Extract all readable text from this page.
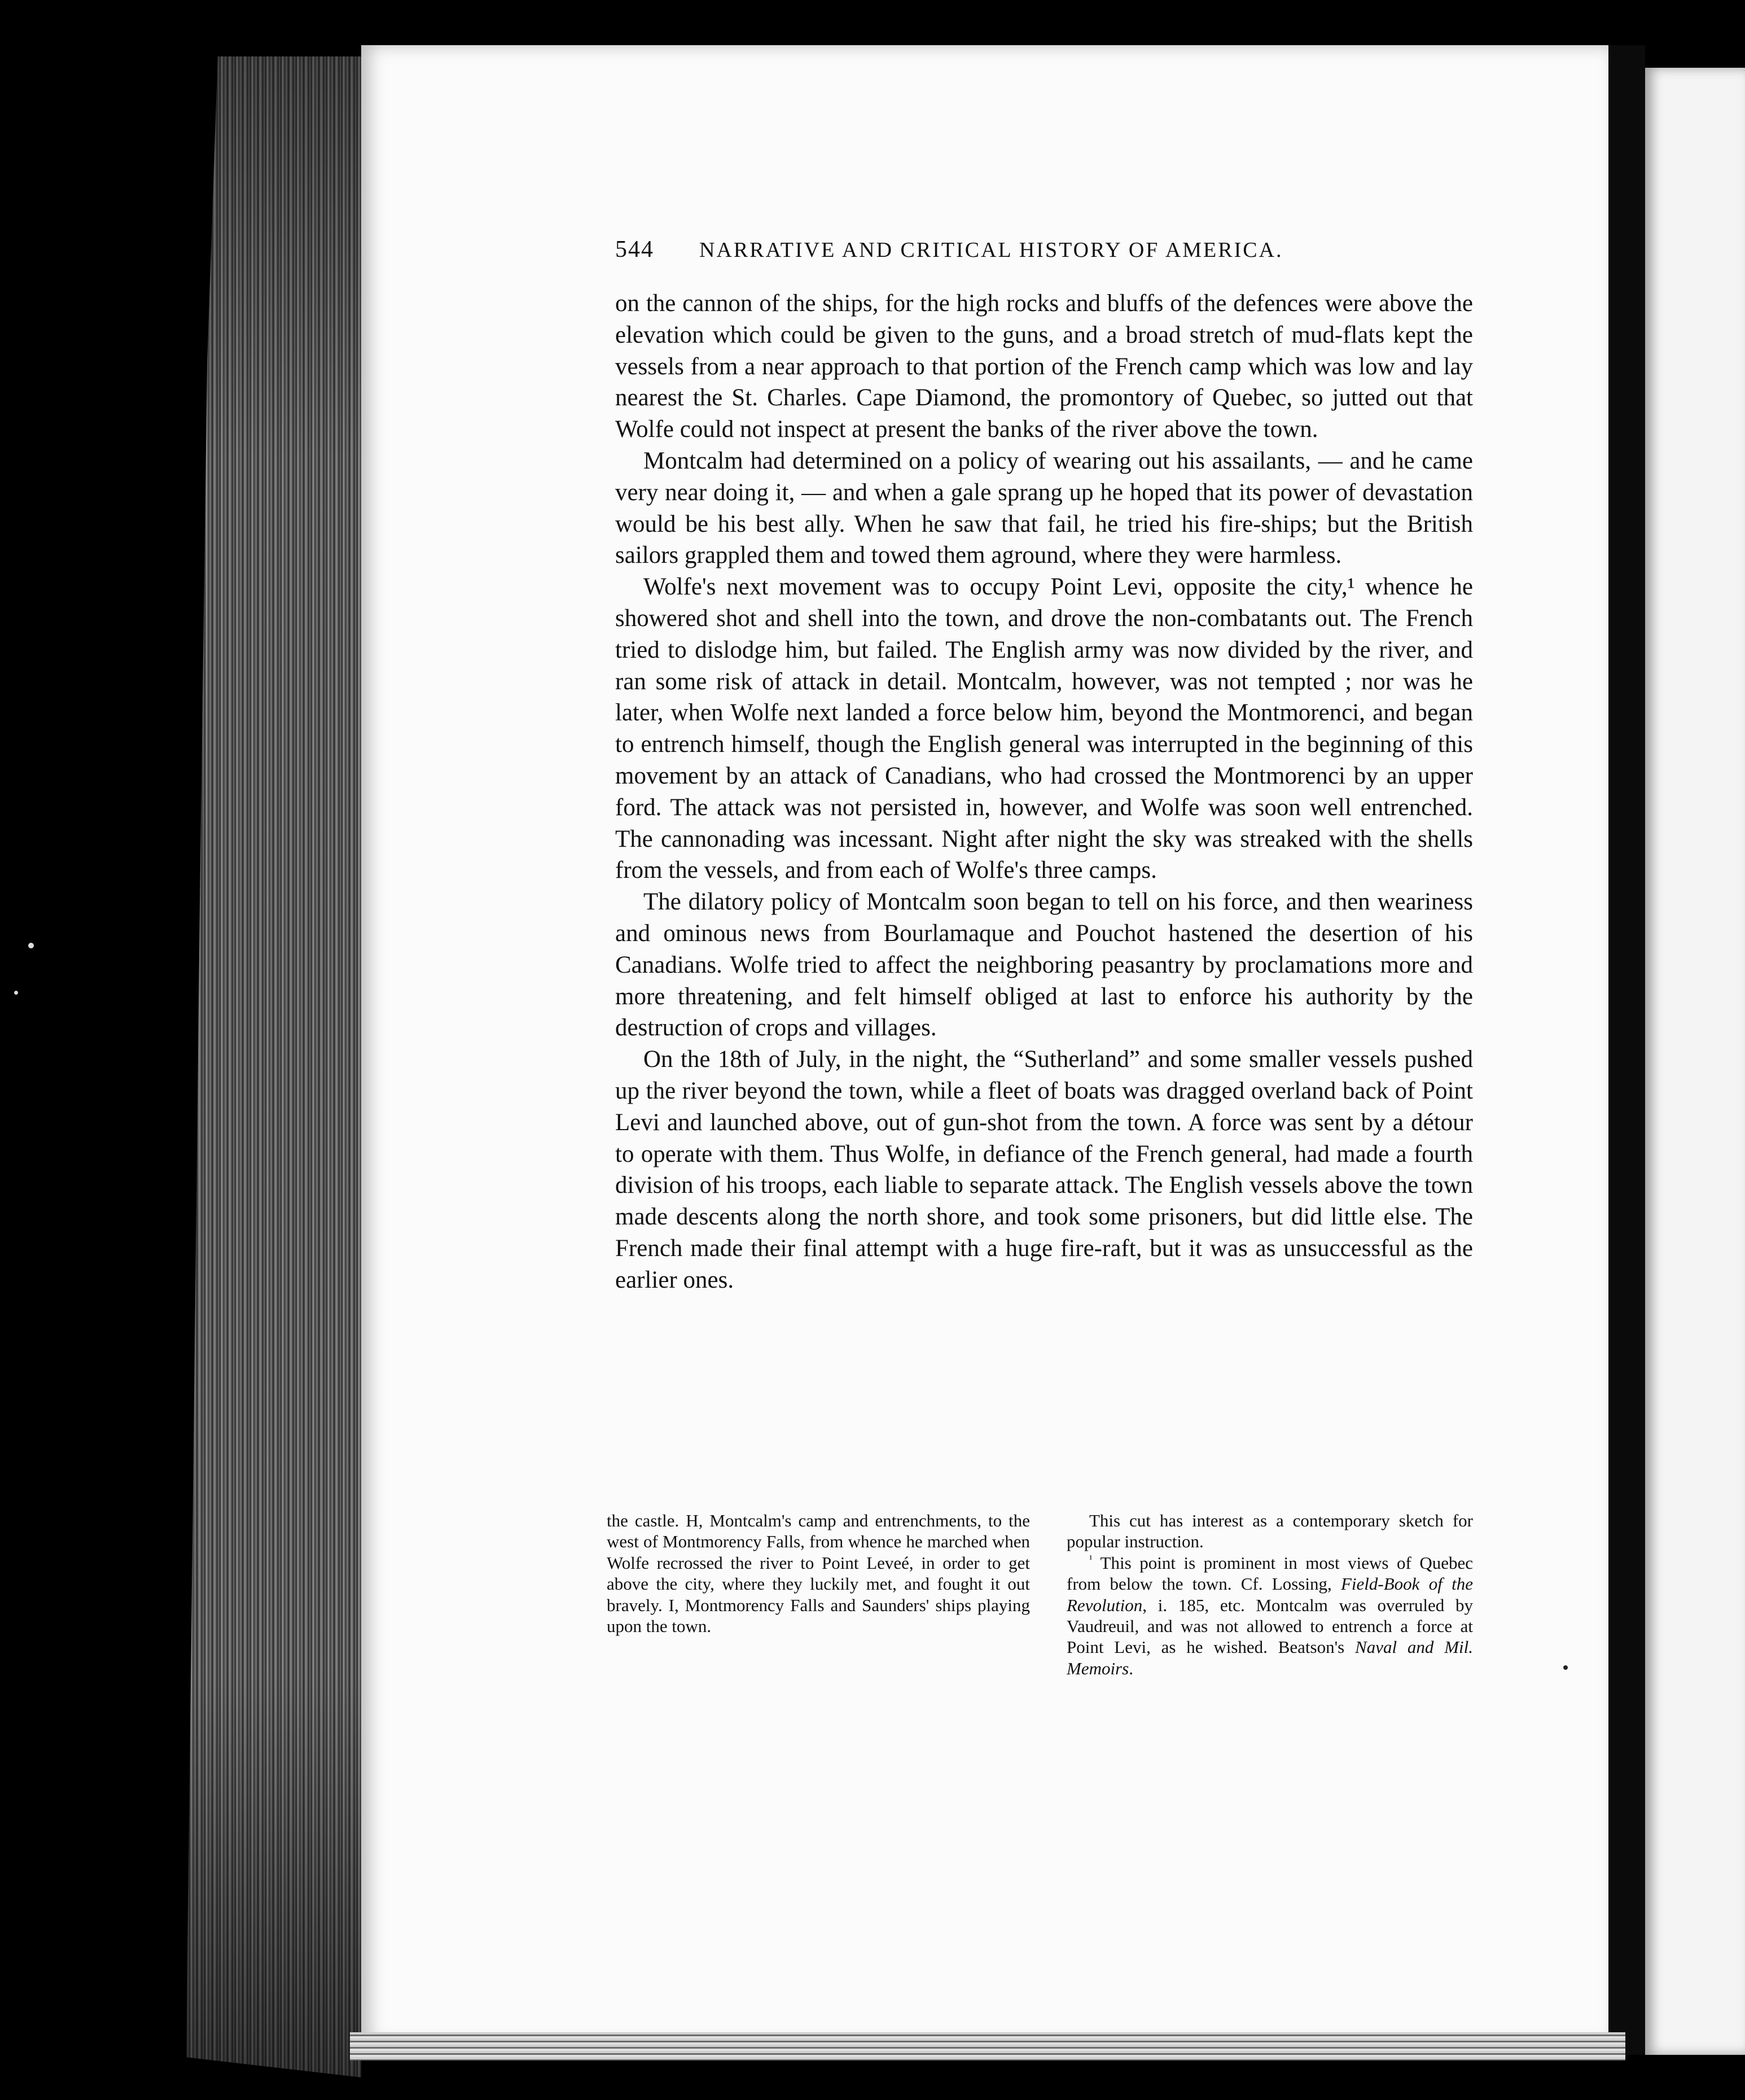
544 NARRATIVE AND CRITICAL HISTORY OF AMERICA.

on the cannon of the ships, for the high rocks and bluffs of the defences were above the elevation which could be given to the guns, and a broad stretch of mud-flats kept the vessels from a near approach to that portion of the French camp which was low and lay nearest the St. Charles. Cape Diamond, the promontory of Quebec, so jutted out that Wolfe could not inspect at present the banks of the river above the town.

Montcalm had determined on a policy of wearing out his assailants, — and he came very near doing it, — and when a gale sprang up he hoped that its power of devastation would be his best ally. When he saw that fail, he tried his fire-ships; but the British sailors grappled them and towed them aground, where they were harmless.

Wolfe's next movement was to occupy Point Levi, opposite the city,¹ whence he showered shot and shell into the town, and drove the non-combatants out. The French tried to dislodge him, but failed. The English army was now divided by the river, and ran some risk of attack in detail. Montcalm, however, was not tempted ; nor was he later, when Wolfe next landed a force below him, beyond the Montmorenci, and began to entrench himself, though the English general was interrupted in the beginning of this movement by an attack of Canadians, who had crossed the Montmorenci by an upper ford. The attack was not persisted in, however, and Wolfe was soon well entrenched. The cannonading was incessant. Night after night the sky was streaked with the shells from the vessels, and from each of Wolfe's three camps.

The dilatory policy of Montcalm soon began to tell on his force, and then weariness and ominous news from Bourlamaque and Pouchot hastened the desertion of his Canadians. Wolfe tried to affect the neighboring peasantry by proclamations more and more threatening, and felt himself obliged at last to enforce his authority by the destruction of crops and villages.

On the 18th of July, in the night, the “Sutherland” and some smaller vessels pushed up the river beyond the town, while a fleet of boats was dragged overland back of Point Levi and launched above, out of gun-shot from the town. A force was sent by a détour to operate with them. Thus Wolfe, in defiance of the French general, had made a fourth division of his troops, each liable to separate attack. The English vessels above the town made descents along the north shore, and took some prisoners, but did little else. The French made their final attempt with a huge fire-raft, but it was as unsuccessful as the earlier ones.

the castle. H, Montcalm's camp and entrenchments, to the west of Montmorency Falls, from whence he marched when Wolfe recrossed the river to Point Leveé, in order to get above the city, where they luckily met, and fought it out bravely. I, Montmorency Falls and Saunders' ships playing upon the town.

This cut has interest as a contemporary sketch for popular instruction.

$^{^1}$ This point is prominent in most views of Quebec from below the town. Cf. Lossing, Field-Book of the Revolution, i. 185, etc. Montcalm was overruled by Vaudreuil, and was not allowed to entrench a force at Point Levi, as he wished. Beatson's Naval and Mil. Memoirs.
